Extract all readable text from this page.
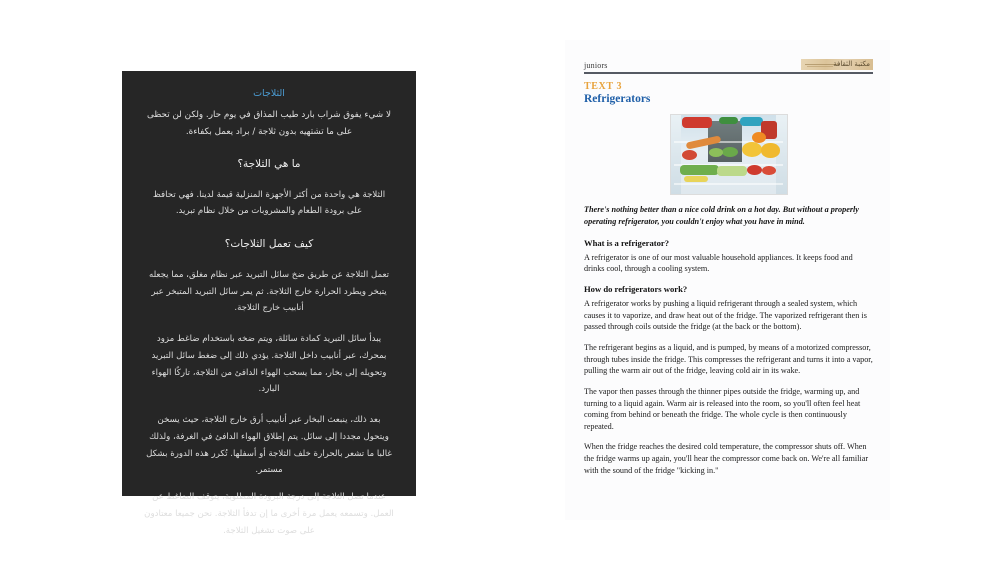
الثلاجات
لا شيء يفوق شراب بارد طيب المذاق في يوم حار. ولكن لن تحظى على ما تشتهيه بدون ثلاجة / براد يعمل بكفاءة.
ما هي الثلاجة؟
الثلاجة هي واحدة من أكثر الأجهزة المنزلية قيمة لدينا. فهي تحافظ على برودة الطعام والمشروبات من خلال نظام تبريد.
كيف تعمل الثلاجات؟
تعمل الثلاجة عن طريق ضخ سائل التبريد عبر نظام مغلق، مما يجعله يتبخر ويطرد الحرارة خارج الثلاجة. ثم يمر سائل التبريد المتبخر عبر أنابيب خارج الثلاجة.
يبدأ سائل التبريد كمادة سائلة، ويتم ضخه باستخدام ضاغط مزود بمحرك، عبر أنابيب داخل الثلاجة. يؤدي ذلك إلى ضغط سائل التبريد وتحويله إلى بخار، مما يسحب الهواء الدافئ من الثلاجة، تاركًا الهواء البارد.
بعد ذلك، ينبعث البخار عبر أنابيب أرق خارج الثلاجة، حيث يسخن ويتحول مجددا إلى سائل. يتم إطلاق الهواء الدافئ في الغرفة، ولذلك غالبا ما تشعر بالحرارة خلف الثلاجة أو أسفلها. تُكرر هذه الدورة بشكل مستمر.
عندما تصل الثلاجة إلى درجة البرودة المطلوبة، يتوقف الضاغط عن العمل. وتسمعه يعمل مرة أخرى ما إن تدفأ الثلاجة. نحن جميعا معتادون على صوت تشغيل الثلاجة.
juniors	مكتبة الثقافة
TEXT 3
Refrigerators

There's nothing better than a nice cold drink on a hot day. But without a properly operating refrigerator, you couldn't enjoy what you have in mind.

What is a refrigerator?

A refrigerator is one of our most valuable household appliances. It keeps food and drinks cool, through a cooling system.

How do refrigerators work?

A refrigerator works by pushing a liquid refrigerant through a sealed system, which causes it to vaporize, and draw heat out of the fridge. The vaporized refrigerant then is passed through coils outside the fridge (at the back or the bottom).

The refrigerant begins as a liquid, and is pumped, by means of a motorized compressor, through tubes inside the fridge. This compresses the refrigerant and turns it into a vapor, pulling the warm air out of the fridge, leaving cold air in its wake.

The vapor then passes through the thinner pipes outside the fridge, warming up, and turning to a liquid again. Warm air is released into the room, so you'll often feel heat coming from behind or beneath the fridge. The whole cycle is then continuously repeated.

When the fridge reaches the desired cold temperature, the compressor shuts off. When the fridge warms up again, you'll hear the compressor come back on. We're all familiar with the sound of the fridge "kicking in."
